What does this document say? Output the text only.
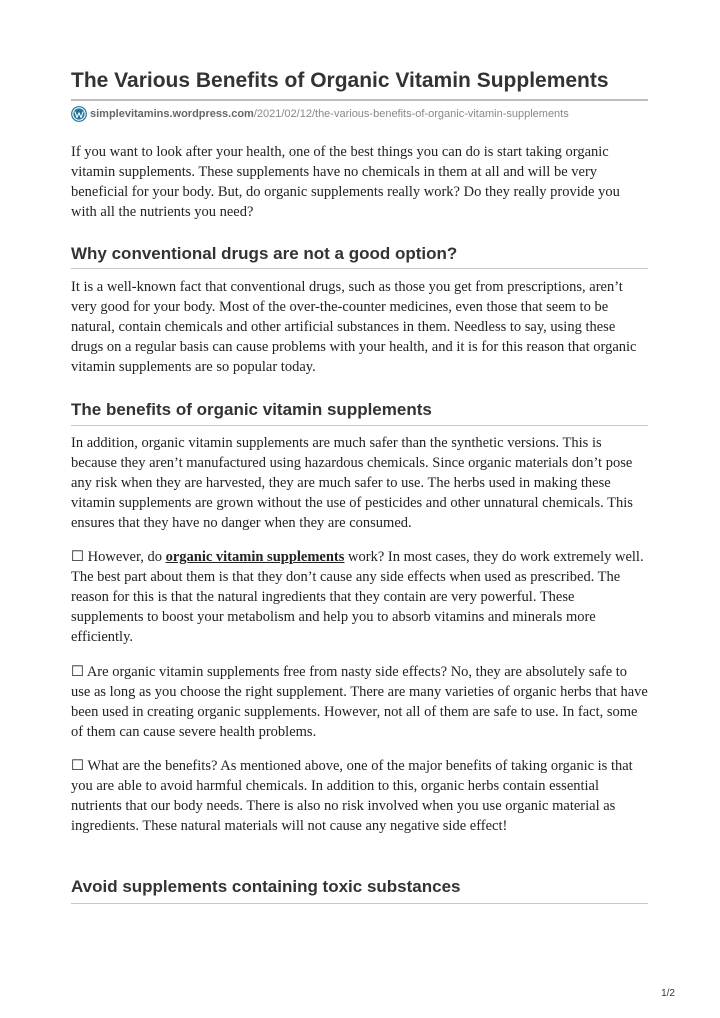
The Various Benefits of Organic Vitamin Supplements
simplevitamins.wordpress.com /2021/02/12/the-various-benefits-of-organic-vitamin-supplements

If you want to look after your health, one of the best things you can do is start taking organic vitamin supplements. These supplements have no chemicals in them at all and will be very beneficial for your body. But, do organic supplements really work? Do they really provide you with all the nutrients you need?

Why conventional drugs are not a good option?

It is a well-known fact that conventional drugs, such as those you get from prescriptions, aren’t very good for your body. Most of the over-the-counter medicines, even those that seem to be natural, contain chemicals and other artificial substances in them. Needless to say, using these drugs on a regular basis can cause problems with your health, and it is for this reason that organic vitamin supplements are so popular today.

The benefits of organic vitamin supplements

In addition, organic vitamin supplements are much safer than the synthetic versions. This is because they aren’t manufactured using hazardous chemicals. Since organic materials don’t pose any risk when they are harvested, they are much safer to use. The herbs used in making these vitamin supplements are grown without the use of pesticides and other unnatural chemicals. This ensures that they have no danger when they are consumed.

☐ However, do organic vitamin supplements work? In most cases, they do work extremely well. The best part about them is that they don’t cause any side effects when used as prescribed. The reason for this is that the natural ingredients that they contain are very powerful. These supplements to boost your metabolism and help you to absorb vitamins and minerals more efficiently.

☐ Are organic vitamin supplements free from nasty side effects? No, they are absolutely safe to use as long as you choose the right supplement. There are many varieties of organic herbs that have been used in creating organic supplements. However, not all of them are safe to use. In fact, some of them can cause severe health problems.

☐ What are the benefits? As mentioned above, one of the major benefits of taking organic is that you are able to avoid harmful chemicals. In addition to this, organic herbs contain essential nutrients that our body needs. There is also no risk involved when you use organic material as ingredients. These natural materials will not cause any negative side effect!

Avoid supplements containing toxic substances
1/2
